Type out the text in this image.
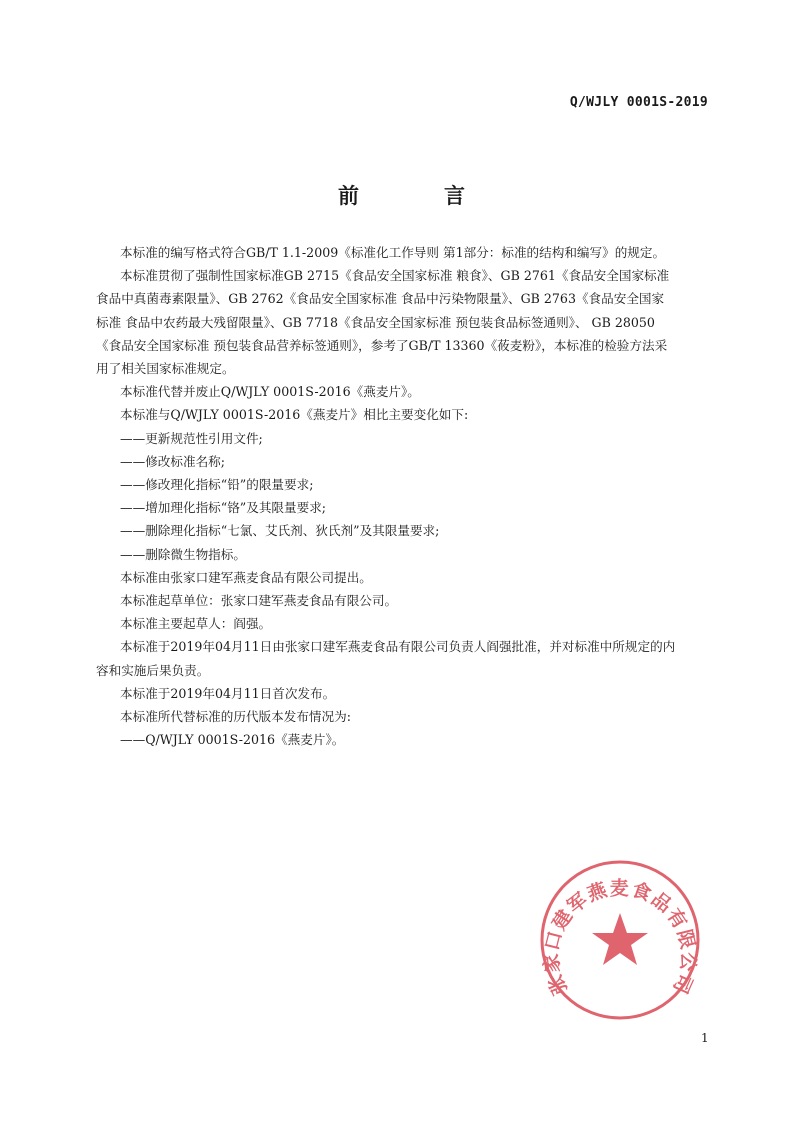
Q/WJLY 0001S-2019
前	言

本标准的编写格式符合GB/T 1.1-2009《标准化工作导则 第1部分：标准的结构和编写》的规定。

本标准贯彻了强制性国家标准GB 2715《食品安全国家标准 粮食》、GB 2761《食品安全国家标准

食品中真菌毒素限量》、GB 2762《食品安全国家标准 食品中污染物限量》、GB 2763《食品安全国家

标准 食品中农药最大残留限量》、GB 7718《食品安全国家标准 预包装食品标签通则》、 GB 28050

《食品安全国家标准 预包装食品营养标签通则》，参考了GB/T 13360《莜麦粉》，本标准的检验方法采

用了相关国家标准规定。

本标准代替并废止Q/WJLY 0001S-2016《燕麦片》。

本标准与Q/WJLY 0001S-2016《燕麦片》相比主要变化如下:

——更新规范性引用文件;

——修改标准名称;

——修改理化指标“铅”的限量要求;

——增加理化指标“铬”及其限量要求;

——删除理化指标“七氯、艾氏剂、狄氏剂”及其限量要求;

——删除微生物指标。

本标准由张家口建军燕麦食品有限公司提出。

本标准起草单位：张家口建军燕麦食品有限公司。

本标准主要起草人：阎强。

本标准于2019年04月11日由张家口建军燕麦食品有限公司负责人阎强批准，并对标准中所规定的内

容和实施后果负责。

本标准于2019年04月11日首次发布。

本标准所代替标准的历代版本发布情况为:

——Q/WJLY 0001S-2016《燕麦片》。

张家口建军燕麦食品有限公司
1
